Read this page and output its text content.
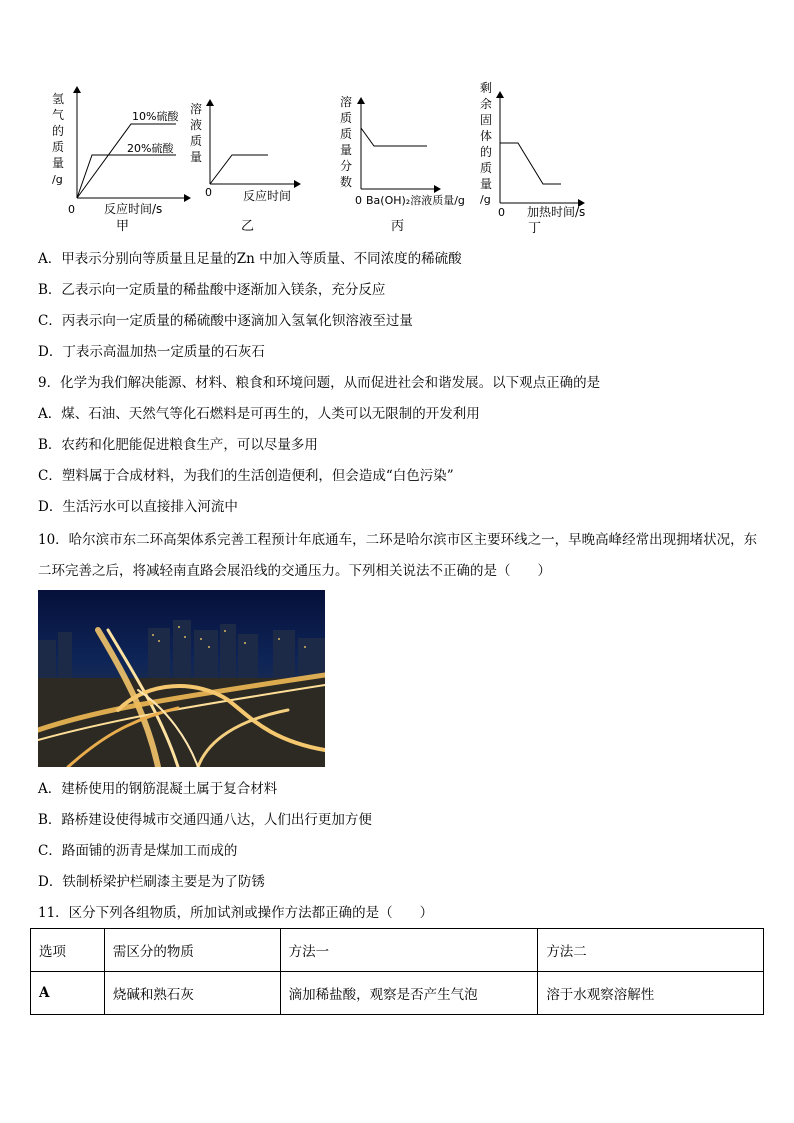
氢
气
的
质
量
/g
10%硫酸
20%硫酸
0 反应时间/s
甲
溶
液
质
量
0	反应时间
乙
溶
质
质
量
分
数
0 Ba(OH)₂溶液质量/g
丙
剩
余
固
体
的
质
量
/g
0 加热时间/s
丁
A．甲表示分别向等质量且足量的Zn 中加入等质量、不同浓度的稀硫酸
B．乙表示向一定质量的稀盐酸中逐渐加入镁条，充分反应
C．丙表示向一定质量的稀硫酸中逐滴加入氢氧化钡溶液至过量
D．丁表示高温加热一定质量的石灰石
9．化学为我们解决能源、材料、粮食和环境问题，从而促进社会和谐发展。以下观点正确的是
A．煤、石油、天然气等化石燃料是可再生的，人类可以无限制的开发利用
B．农药和化肥能促进粮食生产，可以尽量多用
C．塑料属于合成材料，为我们的生活创造便利，但会造成“白色污染”
D．生活污水可以直接排入河流中
10．哈尔滨市东二环高架体系完善工程预计年底通车，二环是哈尔滨市区主要环线之一，早晚高峰经常出现拥堵状况，东二环完善之后，将减轻南直路会展沿线的交通压力。下列相关说法不正确的是（　　）
A．建桥使用的钢筋混凝土属于复合材料
B．路桥建设使得城市交通四通八达，人们出行更加方便
C．路面铺的沥青是煤加工而成的
D．铁制桥梁护栏刷漆主要是为了防锈
11．区分下列各组物质，所加试剂或操作方法都正确的是（　　）
选项	需区分的物质	方法一	方法二
A	烧碱和熟石灰	滴加稀盐酸，观察是否产生气泡	溶于水观察溶解性
